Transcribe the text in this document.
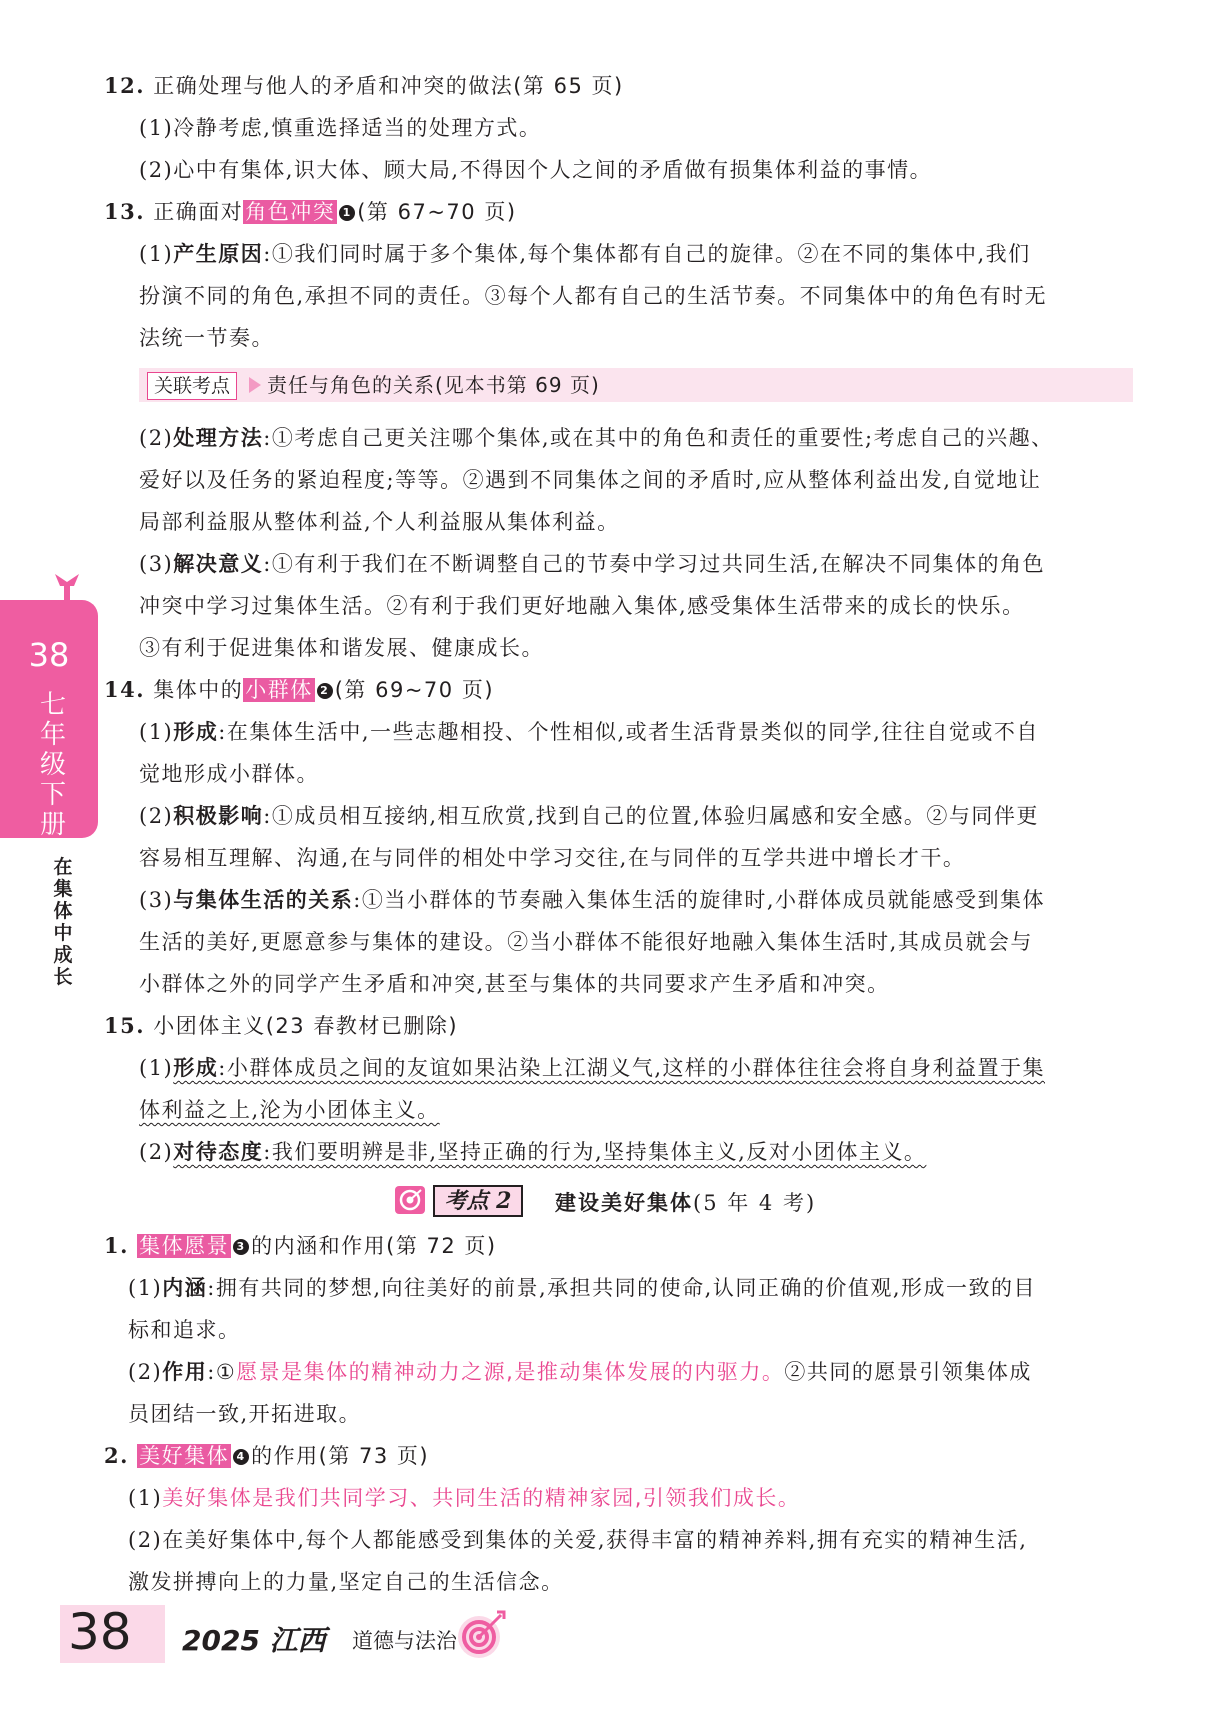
12. 正确处理与他人的矛盾和冲突的做法(第 65 页)
(1)冷静考虑,慎重选择适当的处理方式。
(2)心中有集体,识大体、顾大局,不得因个人之间的矛盾做有损集体利益的事情。
13. 正确面对角色冲突 1 (第 67~70 页)
(1)产生原因:①我们同时属于多个集体,每个集体都有自己的旋律。②在不同的集体中,我们
扮演不同的角色,承担不同的责任。③每个人都有自己的生活节奏。不同集体中的角色有时无
法统一节奏。
关联考点	责任与角色的关系(见本书第 69 页)
(2)处理方法:①考虑自己更关注哪个集体,或在其中的角色和责任的重要性;考虑自己的兴趣、
爱好以及任务的紧迫程度;等等。②遇到不同集体之间的矛盾时,应从整体利益出发,自觉地让
局部利益服从整体利益,个人利益服从集体利益。
(3)解决意义:①有利于我们在不断调整自己的节奏中学习过共同生活,在解决不同集体的角色
冲突中学习过集体生活。②有利于我们更好地融入集体,感受集体生活带来的成长的快乐。
③有利于促进集体和谐发展、健康成长。
14. 集体中的小群体 2 (第 69~70 页)
(1)形成:在集体生活中,一些志趣相投、个性相似,或者生活背景类似的同学,往往自觉或不自
觉地形成小群体。
(2)积极影响:①成员相互接纳,相互欣赏,找到自己的位置,体验归属感和安全感。②与同伴更
容易相互理解、沟通,在与同伴的相处中学习交往,在与同伴的互学共进中增长才干。
(3)与集体生活的关系:①当小群体的节奏融入集体生活的旋律时,小群体成员就能感受到集体
生活的美好,更愿意参与集体的建设。②当小群体不能很好地融入集体生活时,其成员就会与
小群体之外的同学产生矛盾和冲突,甚至与集体的共同要求产生矛盾和冲突。
15. 小团体主义(23 春教材已删除)
(1)形成:小群体成员之间的友谊如果沾染上江湖义气,这样的小群体往往会将自身利益置于集
体利益之上,沦为小团体主义。
(2)对待态度:我们要明辨是非,坚持正确的行为,坚持集体主义,反对小团体主义。
考点 2	建设美好集体(5 年 4 考)
1. 集体愿景 3 的内涵和作用(第 72 页)
(1)内涵:拥有共同的梦想,向往美好的前景,承担共同的使命,认同正确的价值观,形成一致的目
标和追求。
(2)作用:①愿景是集体的精神动力之源,是推动集体发展的内驱力。②共同的愿景引领集体成
员团结一致,开拓进取。
2. 美好集体 4 的作用(第 73 页)
(1)美好集体是我们共同学习、共同生活的精神家园,引领我们成长。
(2)在美好集体中,每个人都能感受到集体的关爱,获得丰富的精神养料,拥有充实的精神生活,
激发拼搏向上的力量,坚定自己的生活信念。
38
七
年
级
下
册
在
集
体
中
成
长
38 2025 江西 道德与法治
